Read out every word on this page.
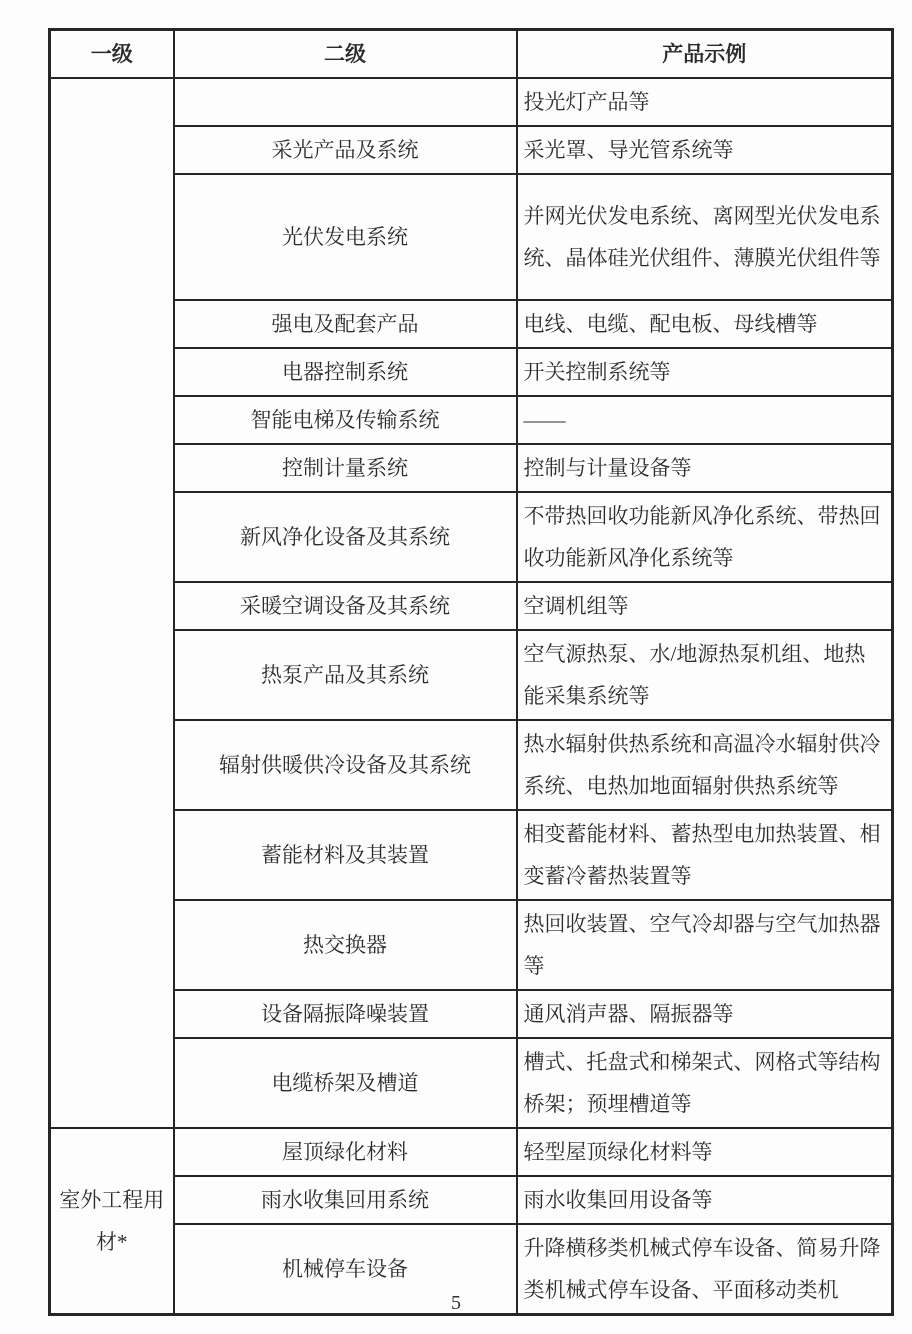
一级	二级	产品示例
		投光灯产品等
	采光产品及系统	采光罩、导光管系统等
	光伏发电系统	并网光伏发电系统、离网型光伏发电系统、晶体硅光伏组件、薄膜光伏组件等
	强电及配套产品	电线、电缆、配电板、母线槽等
	电器控制系统	开关控制系统等
	智能电梯及传输系统	——
	控制计量系统	控制与计量设备等
	新风净化设备及其系统	不带热回收功能新风净化系统、带热回收功能新风净化系统等
	采暖空调设备及其系统	空调机组等
	热泵产品及其系统	空气源热泵、水/地源热泵机组、地热能采集系统等
	辐射供暖供冷设备及其系统	热水辐射供热系统和高温冷水辐射供冷系统、电热加地面辐射供热系统等
	蓄能材料及其装置	相变蓄能材料、蓄热型电加热装置、相变蓄冷蓄热装置等
	热交换器	热回收装置、空气冷却器与空气加热器等
	设备隔振降噪装置	通风消声器、隔振器等
	电缆桥架及槽道	槽式、托盘式和梯架式、网格式等结构桥架；预埋槽道等
室外工程用材*	屋顶绿化材料	轻型屋顶绿化材料等
	雨水收集回用系统	雨水收集回用设备等
	机械停车设备	升降横移类机械式停车设备、简易升降类机械式停车设备、平面移动类机
5
